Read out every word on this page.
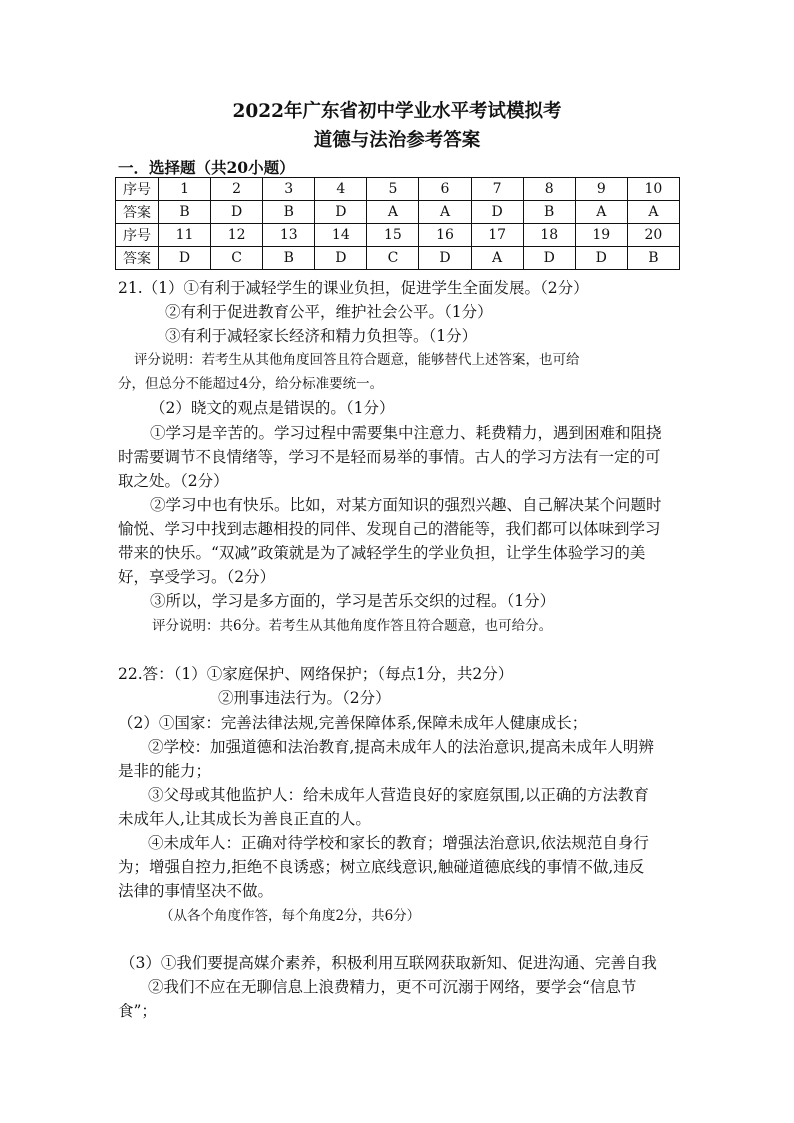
2022年广东省初中学业水平考试模拟考
道德与法治参考答案
一．选择题（共20小题）
序号	1	2	3	4	5	6	7	8	9	10
答案	B	D	B	D	A	A	D	B	A	A
序号	11	12	13	14	15	16	17	18	19	20
答案	D	C	B	D	C	D	A	D	D	B
21.（1）①有利于减轻学生的课业负担，促进学生全面发展。（2分）
②有利于促进教育公平，维护社会公平。（1分）
③有利于减轻家长经济和精力负担等。（1分）
评分说明：若考生从其他角度回答且符合题意，能够替代上述答案，也可给
分，但总分不能超过4分，给分标准要统一。
（2）晓文的观点是错误的。（1分）
①学习是辛苦的。学习过程中需要集中注意力、耗费精力，遇到困难和阻挠
时需要调节不良情绪等，学习不是轻而易举的事情。古人的学习方法有一定的可
取之处。（2分）
②学习中也有快乐。比如，对某方面知识的强烈兴趣、自己解决某个问题时
愉悦、学习中找到志趣相投的同伴、发现自己的潜能等，我们都可以体味到学习
带来的快乐。“双减”政策就是为了减轻学生的学业负担，让学生体验学习的美
好，享受学习。（2分）
③所以，学习是多方面的，学习是苦乐交织的过程。（1分）
评分说明：共6分。若考生从其他角度作答且符合题意，也可给分。
22.答：（1）①家庭保护、网络保护；（每点1分，共2分）
②刑事违法行为。（2分）
（2）①国家：完善法律法规,完善保障体系,保障未成年人健康成长；
②学校：加强道德和法治教育,提高未成年人的法治意识,提高未成年人明辨
是非的能力；
③父母或其他监护人：给未成年人营造良好的家庭氛围,以正确的方法教育
未成年人,让其成长为善良正直的人。
④未成年人：正确对待学校和家长的教育；增强法治意识,依法规范自身行
为；增强自控力,拒绝不良诱惑；树立底线意识,触碰道德底线的事情不做,违反
法律的事情坚决不做。
（从各个角度作答，每个角度2分，共6分）
（3）①我们要提高媒介素养，积极利用互联网获取新知、促进沟通、完善自我
②我们不应在无聊信息上浪费精力，更不可沉溺于网络，要学会“信息节
食”；
